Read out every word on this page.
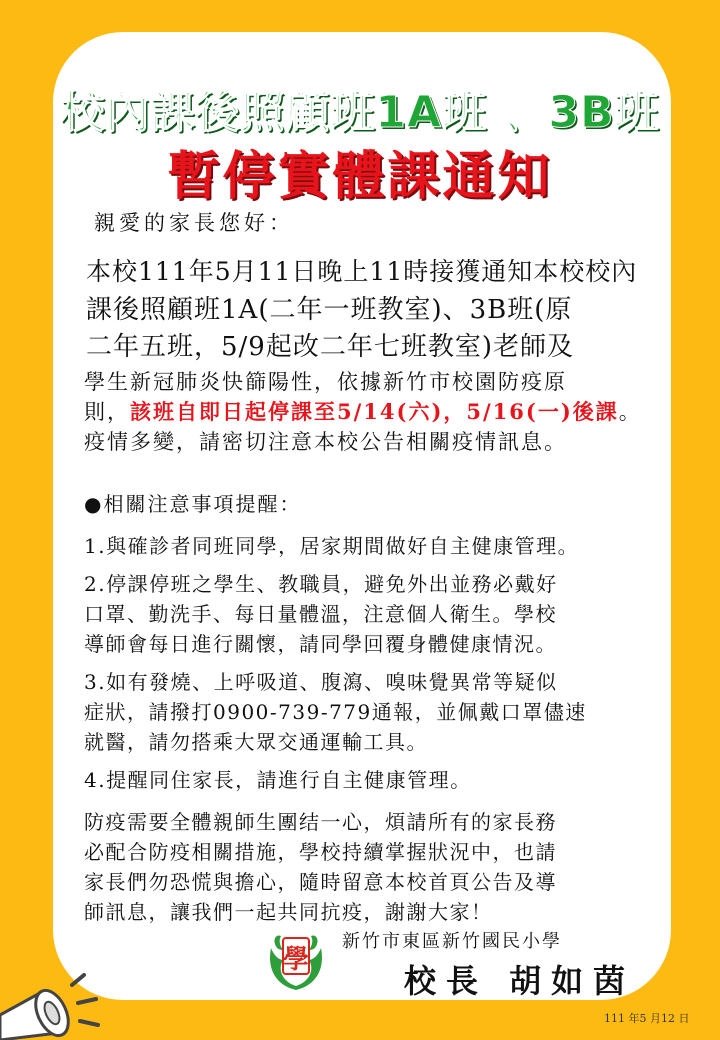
校內課後照顧班1A班 、3B班
暫停實體課通知
親愛的家長您好：
本校111年5月11日晚上11時接獲通知本校校內
課後照顧班1A(二年一班教室)、3B班(原
二年五班，5/9起改二年七班教室)老師及
學生新冠肺炎快篩陽性，依據新竹市校園防疫原
則，該班自即日起停課至5/14(六)，5/16(一)後課。
疫情多變，請密切注意本校公告相關疫情訊息。
●相關注意事項提醒：
1.與確診者同班同學，居家期間做好自主健康管理。
2.停課停班之學生、教職員，避免外出並務必戴好
口罩、勤洗手、每日量體溫，注意個人衛生。學校
導師會每日進行關懷，請同學回覆身體健康情況。
3.如有發燒、上呼吸道、腹瀉、嗅味覺異常等疑似
症狀，請撥打0900-739-779通報，並佩戴口罩儘速
就醫，請勿搭乘大眾交通運輸工具。
4.提醒同住家長，請進行自主健康管理。
防疫需要全體親師生團结一心，煩請所有的家長務
必配合防疫相關措施，學校持續掌握狀況中，也請
家長們勿恐慌與擔心，隨時留意本校首頁公告及導
師訊息，讓我們一起共同抗疫，謝謝大家！
學
新竹市東區新竹國民小學
校長 胡如茵
111 年5 月12 日
